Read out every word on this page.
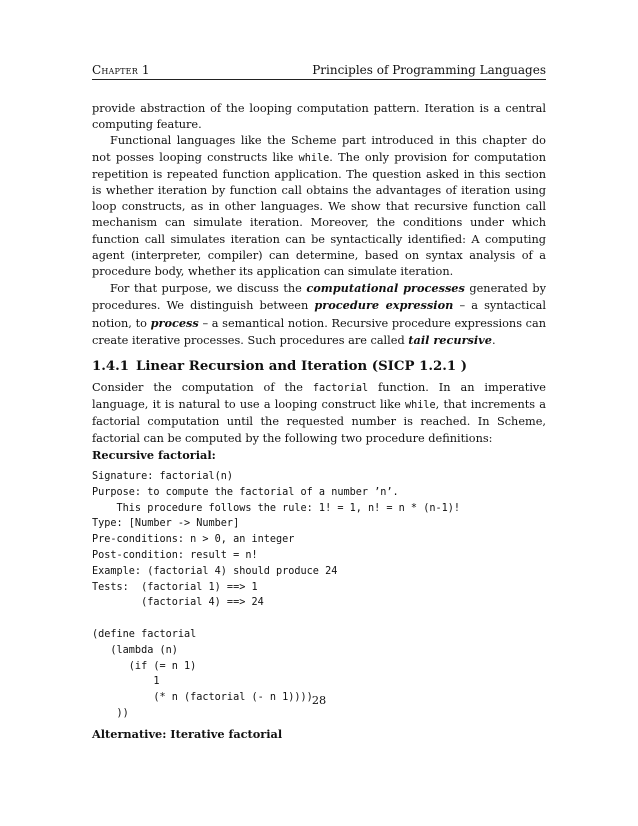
Chapter 1	Principles of Programming Languages

provide abstraction of the looping computation pattern. Iteration is a central computing feature.

Functional languages like the Scheme part introduced in this chapter do not posses looping constructs like while. The only provision for computation repetition is repeated function application. The question asked in this section is whether iteration by function call obtains the advantages of iteration using loop constructs, as in other languages. We show that recursive function call mechanism can simulate iteration. Moreover, the conditions under which function call simulates iteration can be syntactically identified: A computing agent (interpreter, compiler) can determine, based on syntax analysis of a procedure body, whether its application can simulate iteration.

For that purpose, we discuss the computational processes generated by procedures. We distinguish between procedure expression – a syntactical notion, to process – a semantical notion. Recursive procedure expressions can create iterative processes. Such procedures are called tail recursive.

1.4.1 Linear Recursion and Iteration (SICP 1.2.1 )

Consider the computation of the factorial function. In an imperative language, it is natural to use a looping construct like while, that increments a factorial computation until the requested number is reached. In Scheme, factorial can be computed by the following two procedure definitions:

Recursive factorial:
Signature: factorial(n)
Purpose: to compute the factorial of a number ’n’.
This procedure follows the rule: 1! = 1, n! = n * (n-1)!
Type: [Number -> Number]
Pre-conditions: n > 0, an integer
Post-condition: result = n!
Example: (factorial 4) should produce 24
Tests:  (factorial 1) ==> 1
(factorial 4) ==> 24

(define factorial
(lambda (n)
(if (= n 1)
1
(* n (factorial (- n 1))))
))
Alternative: Iterative factorial
28
